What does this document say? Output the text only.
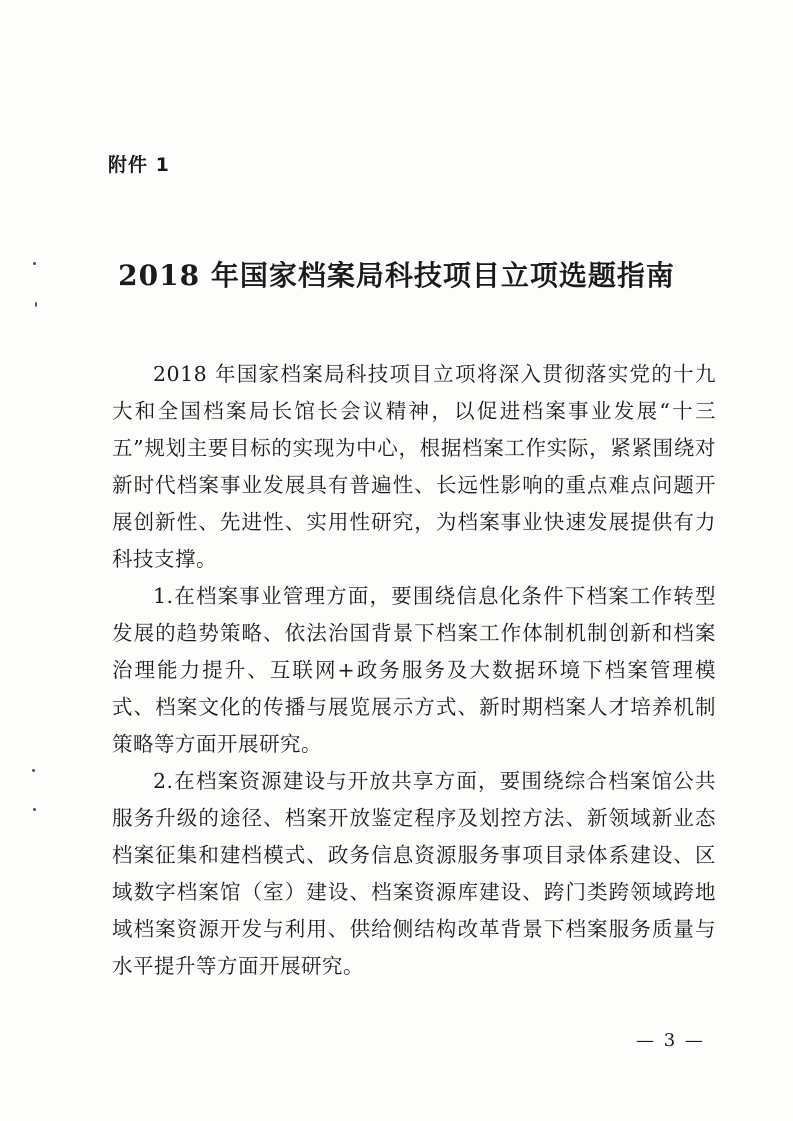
附件 1
2018 年国家档案局科技项目立项选题指南

2018 年国家档案局科技项目立项将深入贯彻落实党的十九大和全国档案局长馆长会议精神，以促进档案事业发展“十三五”规划主要目标的实现为中心，根据档案工作实际，紧紧围绕对新时代档案事业发展具有普遍性、长远性影响的重点难点问题开展创新性、先进性、实用性研究，为档案事业快速发展提供有力科技支撑。

1.在档案事业管理方面，要围绕信息化条件下档案工作转型发展的趋势策略、依法治国背景下档案工作体制机制创新和档案治理能力提升、互联网+政务服务及大数据环境下档案管理模式、档案文化的传播与展览展示方式、新时期档案人才培养机制策略等方面开展研究。

2.在档案资源建设与开放共享方面，要围绕综合档案馆公共服务升级的途径、档案开放鉴定程序及划控方法、新领域新业态档案征集和建档模式、政务信息资源服务事项目录体系建设、区域数字档案馆（室）建设、档案资源库建设、跨门类跨领域跨地域档案资源开发与利用、供给侧结构改革背景下档案服务质量与水平提升等方面开展研究。

— 3 —
